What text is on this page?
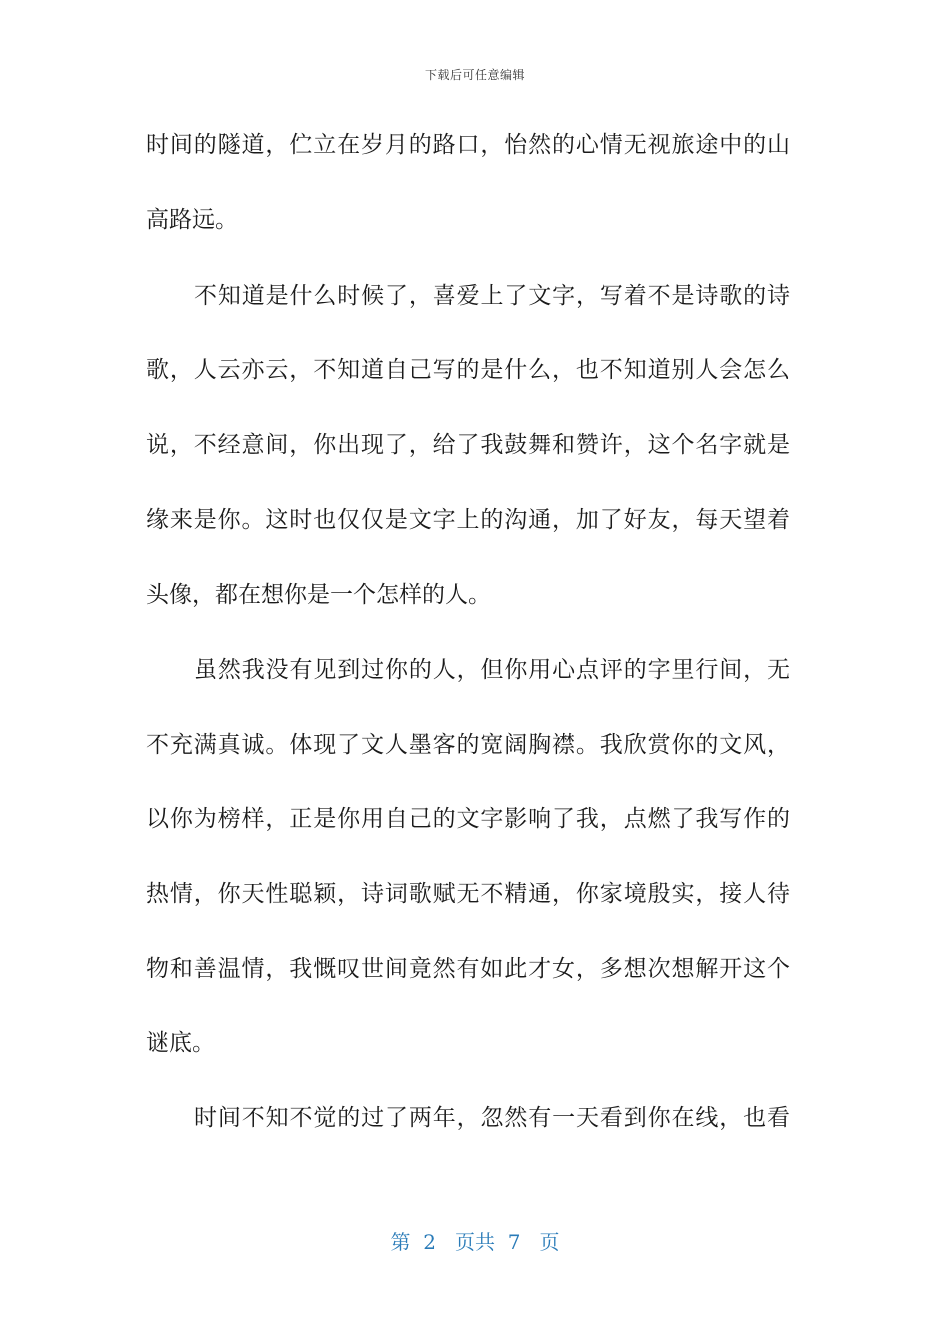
下载后可任意编辑
时间的隧道，伫立在岁月的路口，怡然的心情无视旅途中的山
高路远。
不知道是什么时候了，喜爱上了文字，写着不是诗歌的诗
歌，人云亦云，不知道自己写的是什么，也不知道别人会怎么
说，不经意间，你出现了，给了我鼓舞和赞许，这个名字就是
缘来是你。这时也仅仅是文字上的沟通，加了好友，每天望着
头像，都在想你是一个怎样的人。
虽然我没有见到过你的人，但你用心点评的字里行间，无
不充满真诚。体现了文人墨客的宽阔胸襟。我欣赏你的文风，
以你为榜样，正是你用自己的文字影响了我，点燃了我写作的
热情，你天性聪颖，诗词歌赋无不精通，你家境殷实，接人待
物和善温情，我慨叹世间竟然有如此才女，多想次想解开这个
谜底。
时间不知不觉的过了两年，忽然有一天看到你在线，也看
第 2 页共 7 页
